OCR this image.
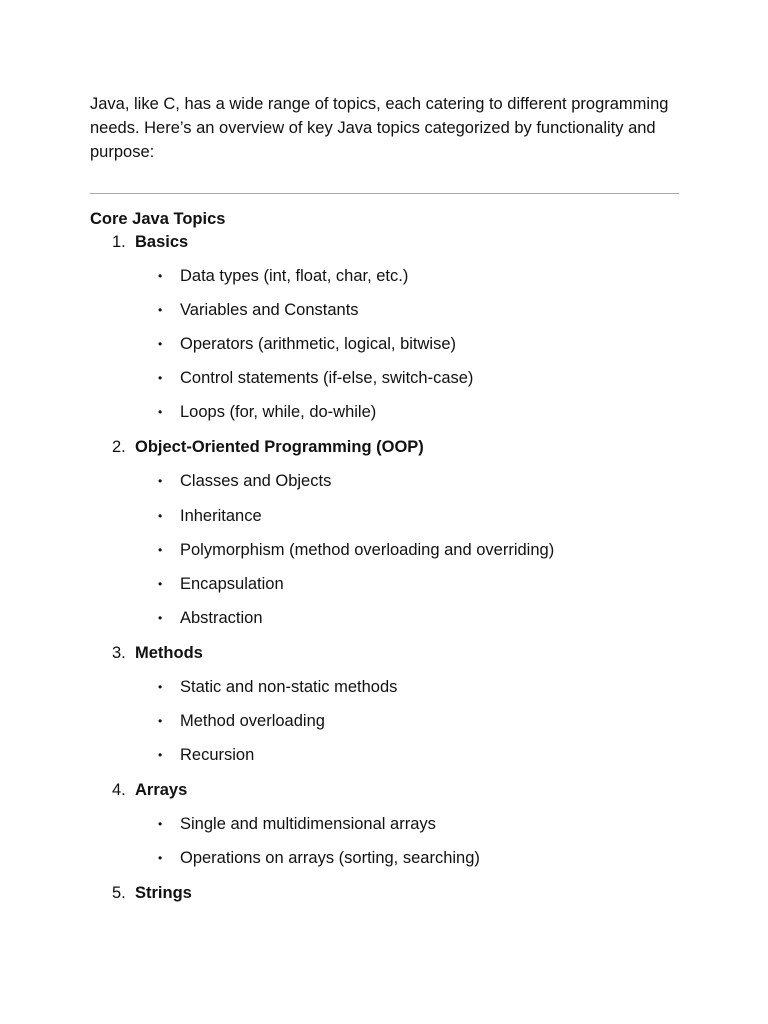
Java, like C, has a wide range of topics, each catering to different programming needs. Here’s an overview of key Java topics categorized by functionality and purpose:

Core Java Topics
1. Basics
• Data types (int, float, char, etc.)
• Variables and Constants
• Operators (arithmetic, logical, bitwise)
• Control statements (if-else, switch-case)
• Loops (for, while, do-while)
2. Object-Oriented Programming (OOP)
• Classes and Objects
• Inheritance
• Polymorphism (method overloading and overriding)
• Encapsulation
• Abstraction
3. Methods
• Static and non-static methods
• Method overloading
• Recursion
4. Arrays
• Single and multidimensional arrays
• Operations on arrays (sorting, searching)
5. Strings
